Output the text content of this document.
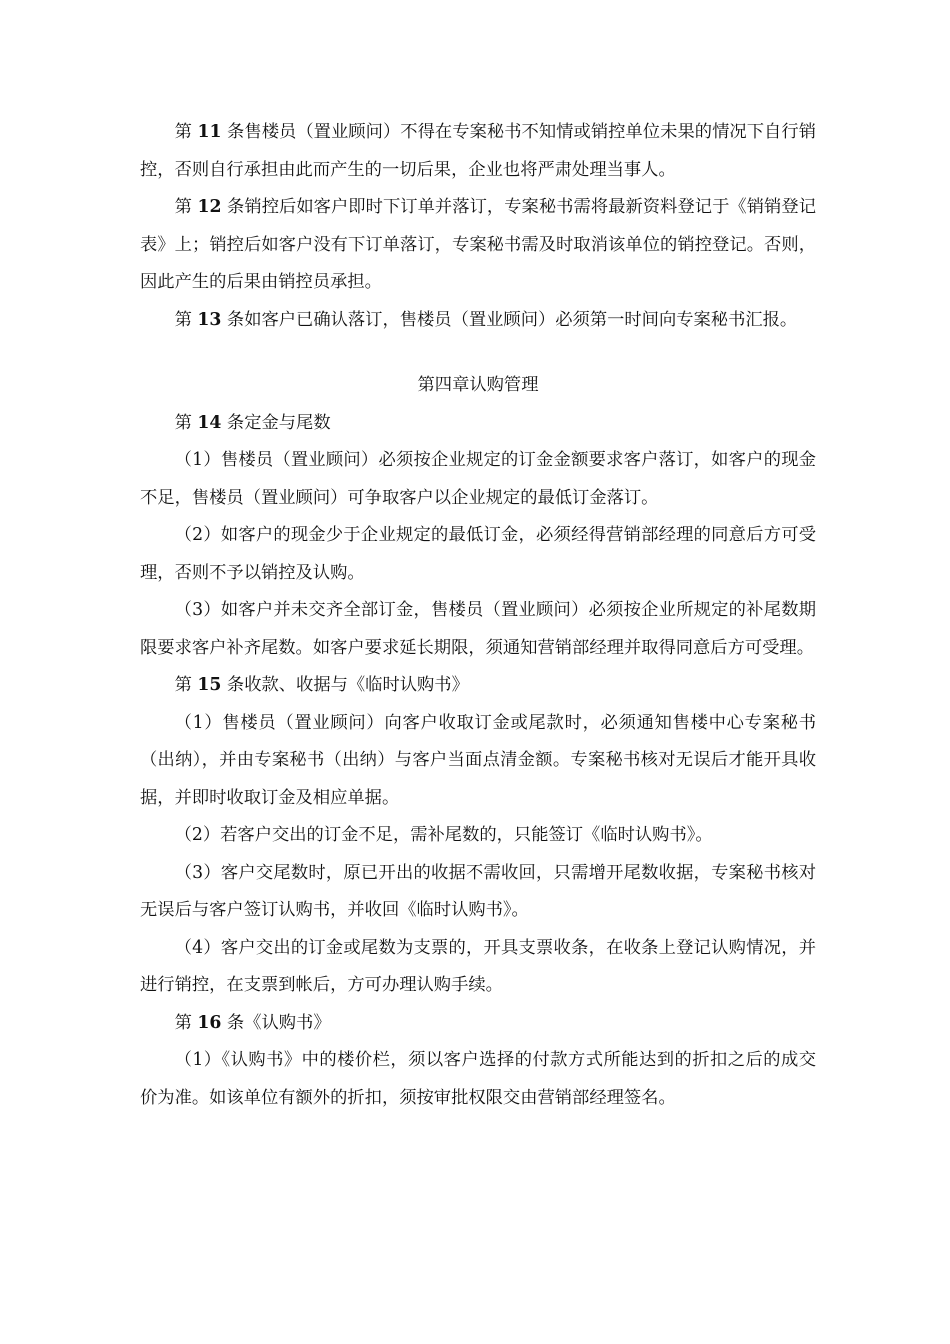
第 11 条售楼员（置业顾问）不得在专案秘书不知情或销控单位未果的情况下自行销控，否则自行承担由此而产生的一切后果，企业也将严肃处理当事人。

第 12 条销控后如客户即时下订单并落订，专案秘书需将最新资料登记于《销销登记表》上；销控后如客户没有下订单落订，专案秘书需及时取消该单位的销控登记。否则，因此产生的后果由销控员承担。

第 13 条如客户已确认落订，售楼员（置业顾问）必须第一时间向专案秘书汇报。

第四章认购管理

第 14 条定金与尾数

（1）售楼员（置业顾问）必须按企业规定的订金金额要求客户落订，如客户的现金不足，售楼员（置业顾问）可争取客户以企业规定的最低订金落订。

（2）如客户的现金少于企业规定的最低订金，必须经得营销部经理的同意后方可受理，否则不予以销控及认购。

（3）如客户并未交齐全部订金，售楼员（置业顾问）必须按企业所规定的补尾数期限要求客户补齐尾数。如客户要求延长期限，须通知营销部经理并取得同意后方可受理。

第 15 条收款、收据与《临时认购书》

（1）售楼员（置业顾问）向客户收取订金或尾款时，必须通知售楼中心专案秘书（出纳），并由专案秘书（出纳）与客户当面点清金额。专案秘书核对无误后才能开具收据，并即时收取订金及相应单据。

（2）若客户交出的订金不足，需补尾数的，只能签订《临时认购书》。

（3）客户交尾数时，原已开出的收据不需收回，只需增开尾数收据，专案秘书核对无误后与客户签订认购书，并收回《临时认购书》。

（4）客户交出的订金或尾数为支票的，开具支票收条，在收条上登记认购情况，并进行销控，在支票到帐后，方可办理认购手续。

第 16 条《认购书》

（1）《认购书》中的楼价栏，须以客户选择的付款方式所能达到的折扣之后的成交价为准。如该单位有额外的折扣，须按审批权限交由营销部经理签名。
